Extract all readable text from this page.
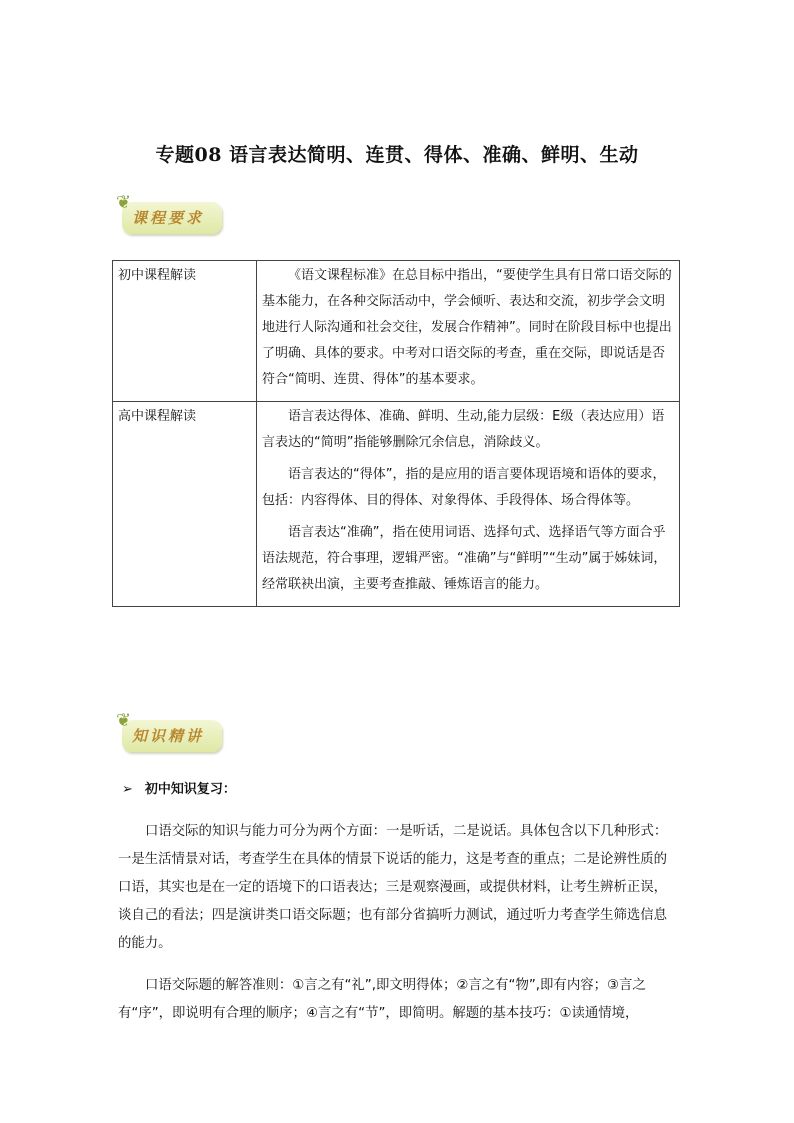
专题08 语言表达简明、连贯、得体、准确、鲜明、生动
❦
课程要求
初中课程解读	《语文课程标准》在总目标中指出，“要使学生具有日常口语交际的基本能力，在各种交际活动中，学会倾听、表达和交流，初步学会文明地进行人际沟通和社会交往，发展合作精神”。同时在阶段目标中也提出了明确、具体的要求。中考对口语交际的考查，重在交际，即说话是否符合“简明、连贯、得体”的基本要求。

高中课程解读	语言表达得体、准确、鲜明、生动,能力层级：E级（表达应用）语言表达的“简明”指能够删除冗余信息，消除歧义。

语言表达的“得体”，指的是应用的语言要体现语境和语体的要求，包括：内容得体、目的得体、对象得体、手段得体、场合得体等。

语言表达“准确”，指在使用词语、选择句式、选择语气等方面合乎语法规范，符合事理，逻辑严密。“准确”与“鲜明”“生动”属于姊妹词，经常联袂出演，主要考查推敲、锤炼语言的能力。

❦
知识精讲
➢ 初中知识复习：

口语交际的知识与能力可分为两个方面：一是听话，二是说话。具体包含以下几种形式：一是生活情景对话，考查学生在具体的情景下说话的能力，这是考查的重点；二是论辨性质的口语，其实也是在一定的语境下的口语表达；三是观察漫画，或提供材料，让考生辨析正误，谈自己的看法；四是演讲类口语交际题；也有部分省搞听力测试，通过听力考查学生筛选信息的能力。

口语交际题的解答准则：①言之有“礼”,即文明得体；②言之有“物”,即有内容；③言之有“序”，即说明有合理的顺序；④言之有“节”，即简明。解题的基本技巧：①读通情境，
